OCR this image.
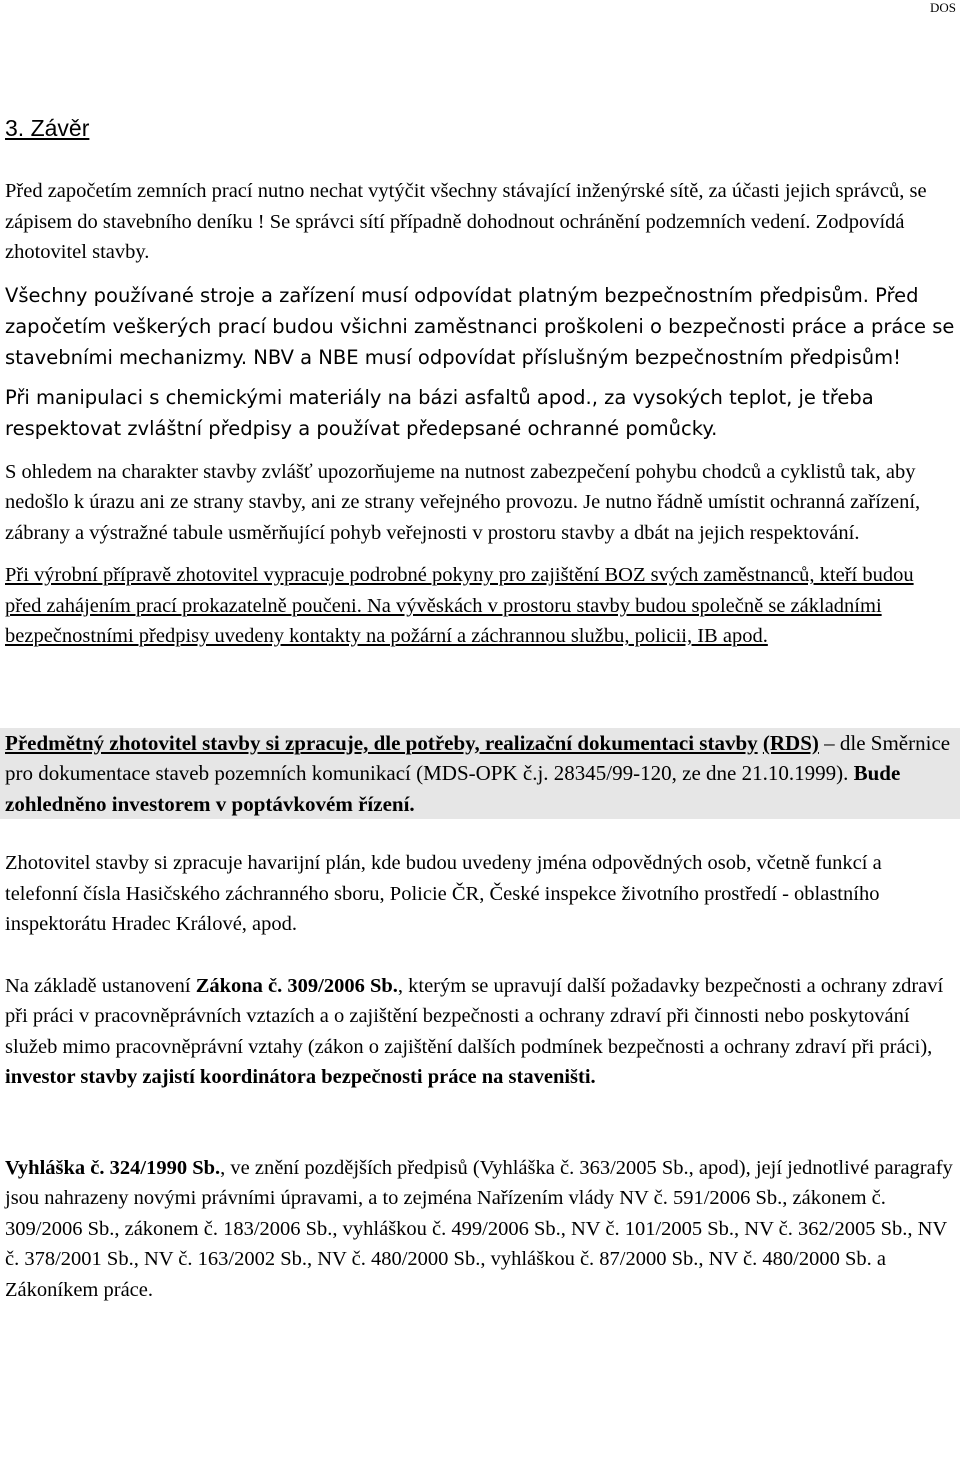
DOS
3. Závěr

Před započetím zemních prací nutno nechat vytýčit všechny stávající inženýrské sítě, za účasti jejich správců, se zápisem do stavebního deníku ! Se správci sítí případně dohodnout ochránění podzemních vedení. Zodpovídá zhotovitel stavby.

Všechny používané stroje a zařízení musí odpovídat platným bezpečnostním předpisům. Před započetím veškerých prací budou všichni zaměstnanci proškoleni o bezpečnosti práce a práce se stavebními mechanizmy. NBV a NBE musí odpovídat příslušným bezpečnostním předpisům!

Při manipulaci s chemickými materiály na bázi asfaltů apod., za vysokých teplot, je třeba respektovat zvláštní předpisy a používat předepsané ochranné pomůcky.

S ohledem na charakter stavby zvlášť upozorňujeme na nutnost zabezpečení pohybu chodců a cyklistů tak, aby nedošlo k úrazu ani ze strany stavby, ani ze strany veřejného provozu. Je nutno řádně umístit ochranná zařízení, zábrany a výstražné tabule usměrňující pohyb veřejnosti v prostoru stavby a dbát na jejich respektování.

Při výrobní přípravě zhotovitel vypracuje podrobné pokyny pro zajištění BOZ svých zaměstnanců, kteří budou před zahájením prací prokazatelně poučeni. Na vývěskách v prostoru stavby budou společně se základními bezpečnostními předpisy uvedeny kontakty na požární a záchrannou službu, policii, IB apod.

Předmětný zhotovitel stavby si zpracuje, dle potřeby, realizační dokumentaci stavby (RDS) – dle Směrnice pro dokumentace staveb pozemních komunikací (MDS-OPK č.j. 28345/99-120, ze dne 21.10.1999). Bude zohledněno investorem v poptávkovém řízení.

Zhotovitel stavby si zpracuje havarijní plán, kde budou uvedeny jména odpovědných osob, včetně funkcí a telefonní čísla Hasičského záchranného sboru, Policie ČR, České inspekce životního prostředí - oblastního inspektorátu Hradec Králové, apod.

Na základě ustanovení Zákona č. 309/2006 Sb., kterým se upravují další požadavky bezpečnosti a ochrany zdraví při práci v pracovněprávních vztazích a o zajištění bezpečnosti a ochrany zdraví při činnosti nebo poskytování služeb mimo pracovněprávní vztahy (zákon o zajištění dalších podmínek bezpečnosti a ochrany zdraví při práci), investor stavby zajistí koordinátora bezpečnosti práce na staveništi.

Vyhláška č. 324/1990 Sb., ve znění pozdějších předpisů (Vyhláška č. 363/2005 Sb., apod), její jednotlivé paragrafy jsou nahrazeny novými právními úpravami, a to zejména Nařízením vlády NV č. 591/2006 Sb., zákonem č. 309/2006 Sb., zákonem č. 183/2006 Sb., vyhláškou č. 499/2006 Sb., NV č. 101/2005 Sb., NV č. 362/2005 Sb., NV č. 378/2001 Sb., NV č. 163/2002 Sb., NV č. 480/2000 Sb., vyhláškou č. 87/2000 Sb., NV č. 480/2000 Sb. a Zákoníkem práce.
